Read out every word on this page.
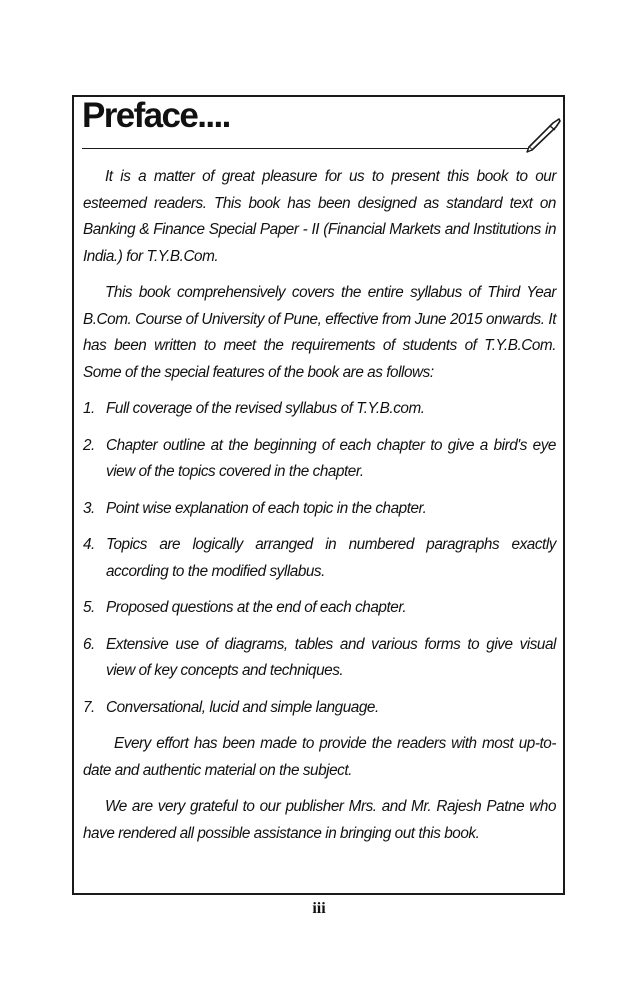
Preface....

It is a matter of great pleasure for us to present this book to our esteemed readers. This book has been designed as standard text on Banking & Finance Special Paper - II (Financial Markets and Institutions in India.) for T.Y.B.Com.

This book comprehensively covers the entire syllabus of Third Year B.Com. Course of University of Pune, effective from June 2015 onwards. It has been written to meet the requirements of students of T.Y.B.Com. Some of the special features of the book are as follows:

1. Full coverage of the revised syllabus of T.Y.B.com.
2. Chapter outline at the beginning of each chapter to give a bird's eye view of the topics covered in the chapter.
3. Point wise explanation of each topic in the chapter.
4. Topics are logically arranged in numbered paragraphs exactly according to the modified syllabus.
5. Proposed questions at the end of each chapter.
6. Extensive use of diagrams, tables and various forms to give visual view of key concepts and techniques.
7. Conversational, lucid and simple language.

Every effort has been made to provide the readers with most up-to-date and authentic material on the subject.

We are very grateful to our publisher Mrs. and Mr. Rajesh Patne who have rendered all possible assistance in bringing out this book.

iii
